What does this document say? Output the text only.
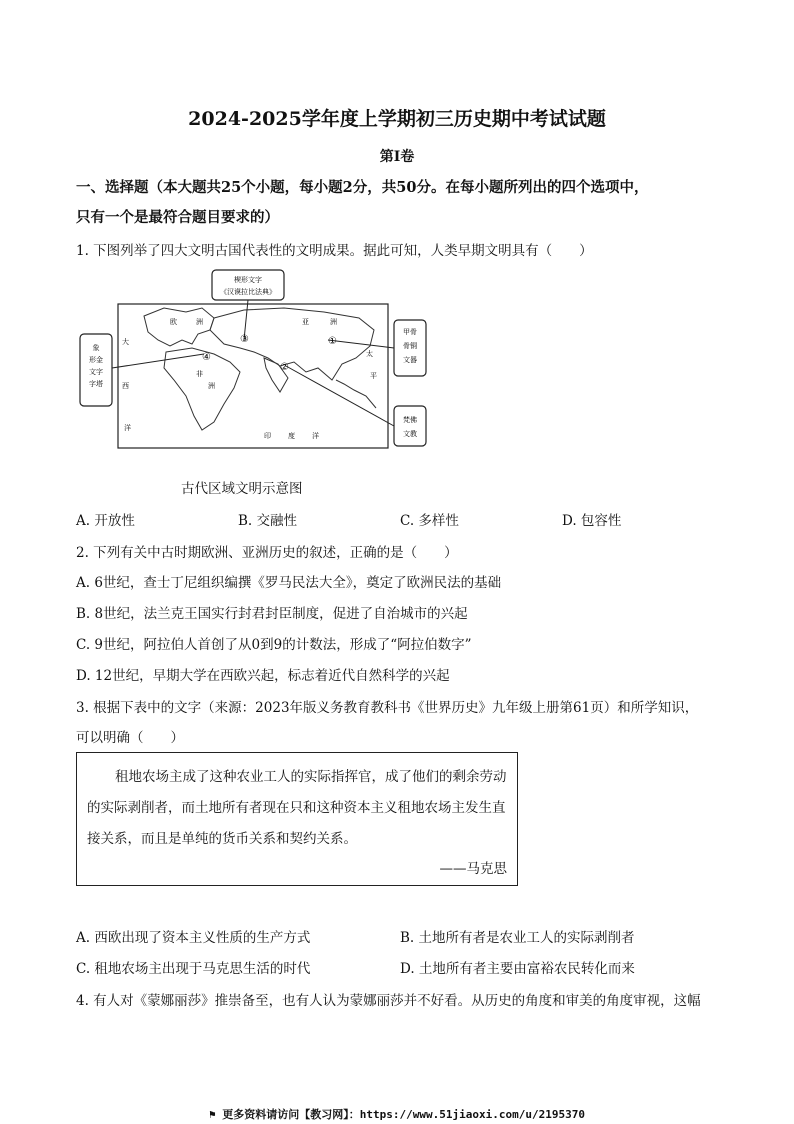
2024-2025学年度上学期初三历史期中考试试题
第Ⅰ卷
一、选择题（本大题共25个小题，每小题2分，共50分。在每小题所列出的四个选项中，
只有一个是最符合题目要求的）
1. 下图列举了四大文明古国代表性的文明成果。据此可知，人类早期文明具有（　　）
楔形文字
《汉谟拉比法典》
象
形金
文字
字塔
甲骨
骨铜
文器
梵佛
文教
①
②
③
④
欧	洲	亚	洲
大
西
洋
非
洲
印 度 洋
太
平
古代区域文明示意图
A. 开放性	B. 交融性	C. 多样性	D. 包容性
2. 下列有关中古时期欧洲、亚洲历史的叙述，正确的是（　　）
A. 6世纪，查士丁尼组织编撰《罗马民法大全》，奠定了欧洲民法的基础
B. 8世纪，法兰克王国实行封君封臣制度，促进了自治城市的兴起
C. 9世纪，阿拉伯人首创了从0到9的计数法，形成了“阿拉伯数字”
D. 12世纪，早期大学在西欧兴起，标志着近代自然科学的兴起
3. 根据下表中的文字（来源：2023年版义务教育教科书《世界历史》九年级上册第61页）和所学知识，
可以明确（　　）
租地农场主成了这种农业工人的实际指挥官，成了他们的剩余劳动
的实际剥削者，而土地所有者现在只和这种资本主义租地农场主发生直
接关系，而且是单纯的货币关系和契约关系。
——马克思
A. 西欧出现了资本主义性质的生产方式	B. 土地所有者是农业工人的实际剥削者
C. 租地农场主出现于马克思生活的时代	D. 土地所有者主要由富裕农民转化而来
4. 有人对《蒙娜丽莎》推崇备至，也有人认为蒙娜丽莎并不好看。从历史的角度和审美的角度审视，这幅
⚑ 更多资料请访问【教习网】：https://www.51jiaoxi.com/u/2195370
